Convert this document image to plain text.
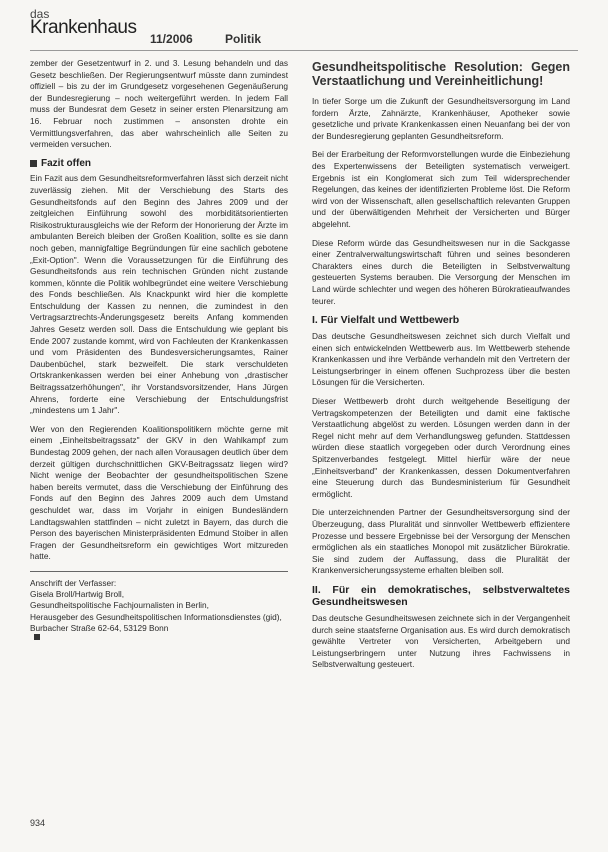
das
Krankenhaus
11/2006	Politik

zember der Gesetzentwurf in 2. und 3. Lesung behandeln und das Gesetz beschließen. Der Regierungsentwurf müsste dann zumindest offiziell – bis zu der im Grundgesetz vorgesehenen Gegenäußerung der Bundesregierung – noch weitergeführt werden. In jedem Fall muss der Bundesrat dem Gesetz in seiner ersten Plenarsitzung am 16. Februar noch zustimmen – ansonsten drohte ein Vermittlungsverfahren, das aber wahrscheinlich alle Seiten zu vermeiden versuchen.

Fazit offen

Ein Fazit aus dem Gesundheitsreformverfahren lässt sich derzeit nicht zuverlässig ziehen. Mit der Verschiebung des Starts des Gesundheitsfonds auf den Beginn des Jahres 2009 und der zeitgleichen Einführung sowohl des morbiditätsorientierten Risikostrukturausgleichs wie der Reform der Honorierung der Ärzte im ambulanten Bereich bleiben der Großen Koalition, sollte es sie dann noch geben, mannigfaltige Begründungen für eine sachlich gebotene „Exit-Option". Wenn die Voraussetzungen für die Einführung des Gesundheitsfonds aus rein technischen Gründen nicht zustande kommen, könnte die Politik wohlbegründet eine weitere Verschiebung des Fonds beschließen. Als Knackpunkt wird hier die komplette Entschuldung der Kassen zu nennen, die zumindest in den Vertragsarztrechts-Änderungsgesetz bereits Anfang kommenden Jahres Gesetz werden soll. Dass die Entschuldung wie geplant bis Ende 2007 zustande kommt, wird von Fachleuten der Krankenkassen und vom Präsidenten des Bundesversicherungsamtes, Rainer Daubenbüchel, stark bezweifelt. Die stark verschuldeten Ortskrankenkassen werden bei einer Anhebung von „drastischer Beitragssatzerhöhungen", ihr Vorstandsvorsitzender, Hans Jürgen Ahrens, forderte eine Verschiebung der Entschuldungsfrist „mindestens um 1 Jahr".

Wer von den Regierenden Koalitionspolitikern möchte gerne mit einem „Einheitsbeitragssatz" der GKV in den Wahlkampf zum Bundestag 2009 gehen, der nach allen Vorausagen deutlich über dem derzeit gültigen durchschnittlichen GKV-Beitragssatz liegen wird? Nicht wenige der Beobachter der gesundheitspolitischen Szene haben bereits vermutet, dass die Verschiebung der Einführung des Fonds auf den Beginn des Jahres 2009 auch dem Umstand geschuldet war, dass im Vorjahr in einigen Bundesländern Landtagswahlen stattfinden – nicht zuletzt in Bayern, das durch die Person des bayerischen Ministerpräsidenten Edmund Stoiber in allen Fragen der Gesundheitsreform ein gewichtiges Wort mitzureden hatte.

Anschrift der Verfasser:
Gisela Broll/Hartwig Broll,
Gesundheitspolitische Fachjournalisten in Berlin,
Herausgeber des Gesundheitspolitischen Informationsdienstes (gid),
Burbacher Straße 62-64, 53129 Bonn
Gesundheitspolitische Resolution: Gegen Verstaatlichung und Vereinheitlichung!

In tiefer Sorge um die Zukunft der Gesundheitsversorgung im Land fordern Ärzte, Zahnärzte, Krankenhäuser, Apotheker sowie gesetzliche und private Krankenkassen einen Neuanfang bei der von der Bundesregierung geplanten Gesundheitsreform.

Bei der Erarbeitung der Reformvorstellungen wurde die Einbeziehung des Expertenwissens der Beteiligten systematisch verweigert. Ergebnis ist ein Konglomerat sich zum Teil widersprechender Regelungen, das keines der identifizierten Probleme löst. Die Reform wird von der Wissenschaft, allen gesellschaftlich relevanten Gruppen und der überwältigenden Mehrheit der Versicherten und Bürger abgelehnt.

Diese Reform würde das Gesundheitswesen nur in die Sackgasse einer Zentralverwaltungswirtschaft führen und seines besonderen Charakters eines durch die Beteiligten in Selbstverwaltung gesteuerten Systems berauben. Die Versorgung der Menschen im Land würde schlechter und wegen des höheren Bürokratieaufwandes teurer.

I. Für Vielfalt und Wettbewerb

Das deutsche Gesundheitswesen zeichnet sich durch Vielfalt und einen sich entwickelnden Wettbewerb aus. Im Wettbewerb stehende Krankenkassen und ihre Verbände verhandeln mit den Vertretern der Leistungserbringer in einem offenen Suchprozess über die besten Lösungen für die Versicherten.

Dieser Wettbewerb droht durch weitgehende Beseitigung der Vertragskompetenzen der Beteiligten und damit eine faktische Verstaatlichung abgelöst zu werden. Lösungen werden dann in der Regel nicht mehr auf dem Verhandlungsweg gefunden. Stattdessen würden diese staatlich vorgegeben oder durch Verordnung eines Spitzenverbandes festgelegt. Mittel hierfür wäre der neue „Einheitsverband" der Krankenkassen, dessen Dokumentverfahren eine Steuerung durch das Bundesministerium für Gesundheit ermöglicht.

Die unterzeichnenden Partner der Gesundheitsversorgung sind der Überzeugung, dass Pluralität und sinnvoller Wettbewerb effizientere Prozesse und bessere Ergebnisse bei der Versorgung der Menschen ermöglichen als ein staatliches Monopol mit zusätzlicher Bürokratie. Sie sind zudem der Auffassung, dass die Pluralität der Krankenversicherungssysteme erhalten bleiben soll.

II. Für ein demokratisches, selbstverwaltetes Gesundheitswesen

Das deutsche Gesundheitswesen zeichnete sich in der Vergangenheit durch seine staatsferne Organisation aus. Es wird durch demokratisch gewählte Vertreter von Versicherten, Arbeitgebern und Leistungserbringern unter Nutzung ihres Fachwissens in Selbstverwaltung gesteuert.

934
